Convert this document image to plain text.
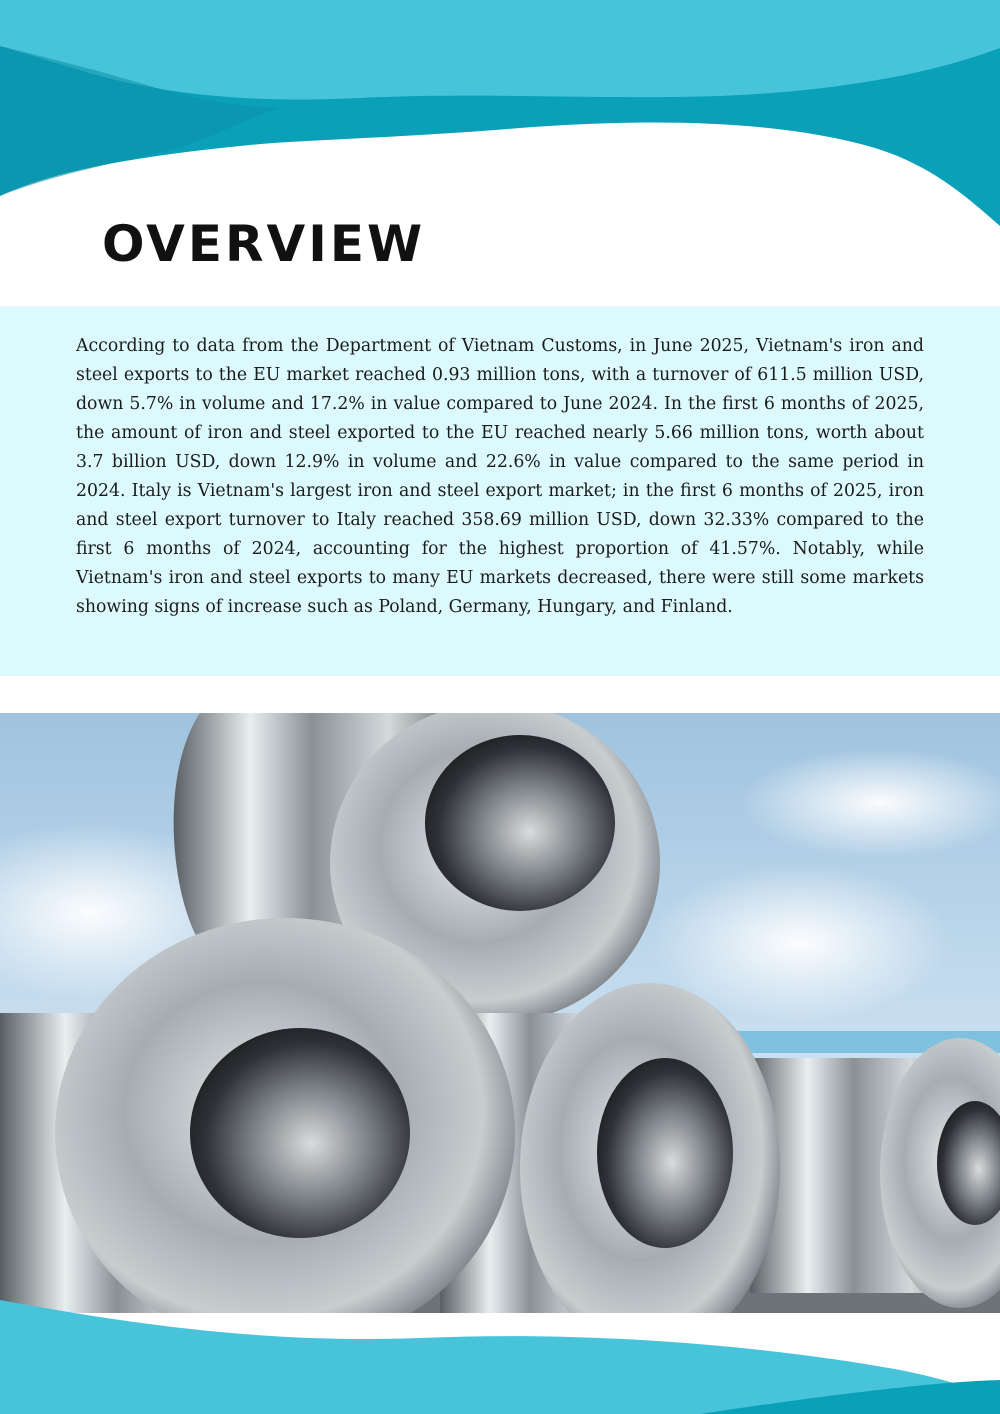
OVERVIEW

According to data from the Department of Vietnam Customs, in June 2025, Vietnam's iron and steel exports to the EU market reached 0.93 million tons, with a turnover of 611.5 million USD, down 5.7% in volume and 17.2% in value compared to June 2024. In the first 6 months of 2025, the amount of iron and steel exported to the EU reached nearly 5.66 million tons, worth about 3.7 billion USD, down 12.9% in volume and 22.6% in value compared to the same period in 2024. Italy is Vietnam's largest iron and steel export market; in the first 6 months of 2025, iron and steel export turnover to Italy reached 358.69 million USD, down 32.33% compared to the first 6 months of 2024, accounting for the highest proportion of 41.57%. Notably, while Vietnam's iron and steel exports to many EU markets decreased, there were still some markets showing signs of increase such as Poland, Germany, Hungary, and Finland.
